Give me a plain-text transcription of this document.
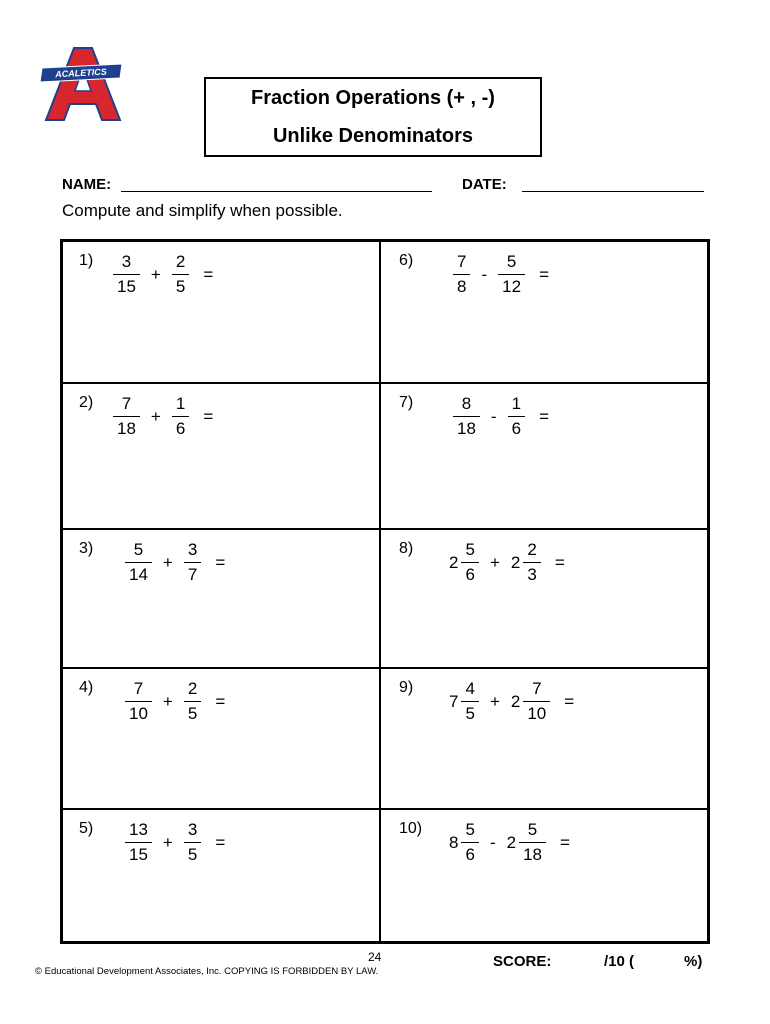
ACALETICS
Fraction Operations (+ , -)
Unlike Denominators
NAME:	DATE:
Compute and simplify when possible.
$1) \frac{3}{15} + \frac{2}{5}$ =
$2) \frac{7}{18} + \frac{1}{6}$ =
$3) \frac{5}{14} + \frac{3}{7}$ =
$4) \frac{7}{10} + \frac{2}{5}$ =
$5) \frac{13}{15} + \frac{3}{5}$ =
$6) \frac{7}{8} - \frac{5}{12}$ =
$7) \frac{8}{18} - \frac{1}{6}$ =
8)
$2 \frac{5}{6} + 2 \frac{2}{3}$ =
9)
$7 \frac{4}{5} + 2 \frac{7}{10}$ =
10)
$8 \frac{5}{6} - 2 \frac{5}{18}$ =
24
© Educational Development Associates, Inc. COPYING IS FORBIDDEN BY LAW.
SCORE:	/10 (	%)
